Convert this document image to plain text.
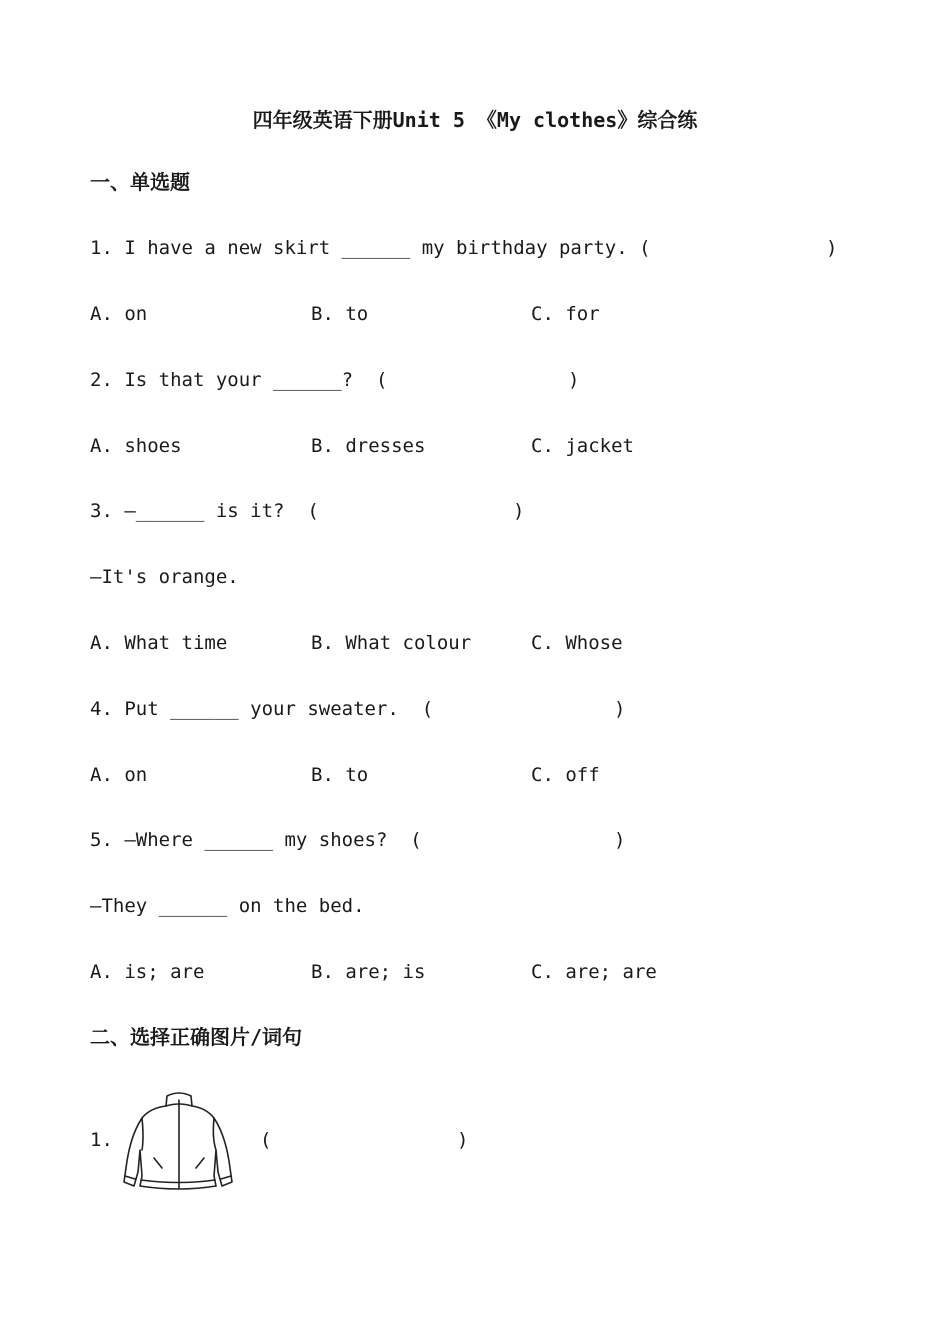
四年级英语下册Unit 5 《My clothes》综合练
一、单选题
1. I have a new skirt ______ my birthday party. (	)
A. on	B. to	C. for
2. Is that your ______?  (	)
A. shoes	B. dresses	C. jacket
3. —______ is it?  (	)
—It's orange.
A. What time	B. What colour	C. Whose
4. Put ______ your sweater.  (	)
A. on	B. to	C. off
5. —Where ______ my shoes?  (	)
—They ______ on the bed.
A. is; are	B. are; is	C. are; are
二、选择正确图片/词句
1.	(	)
